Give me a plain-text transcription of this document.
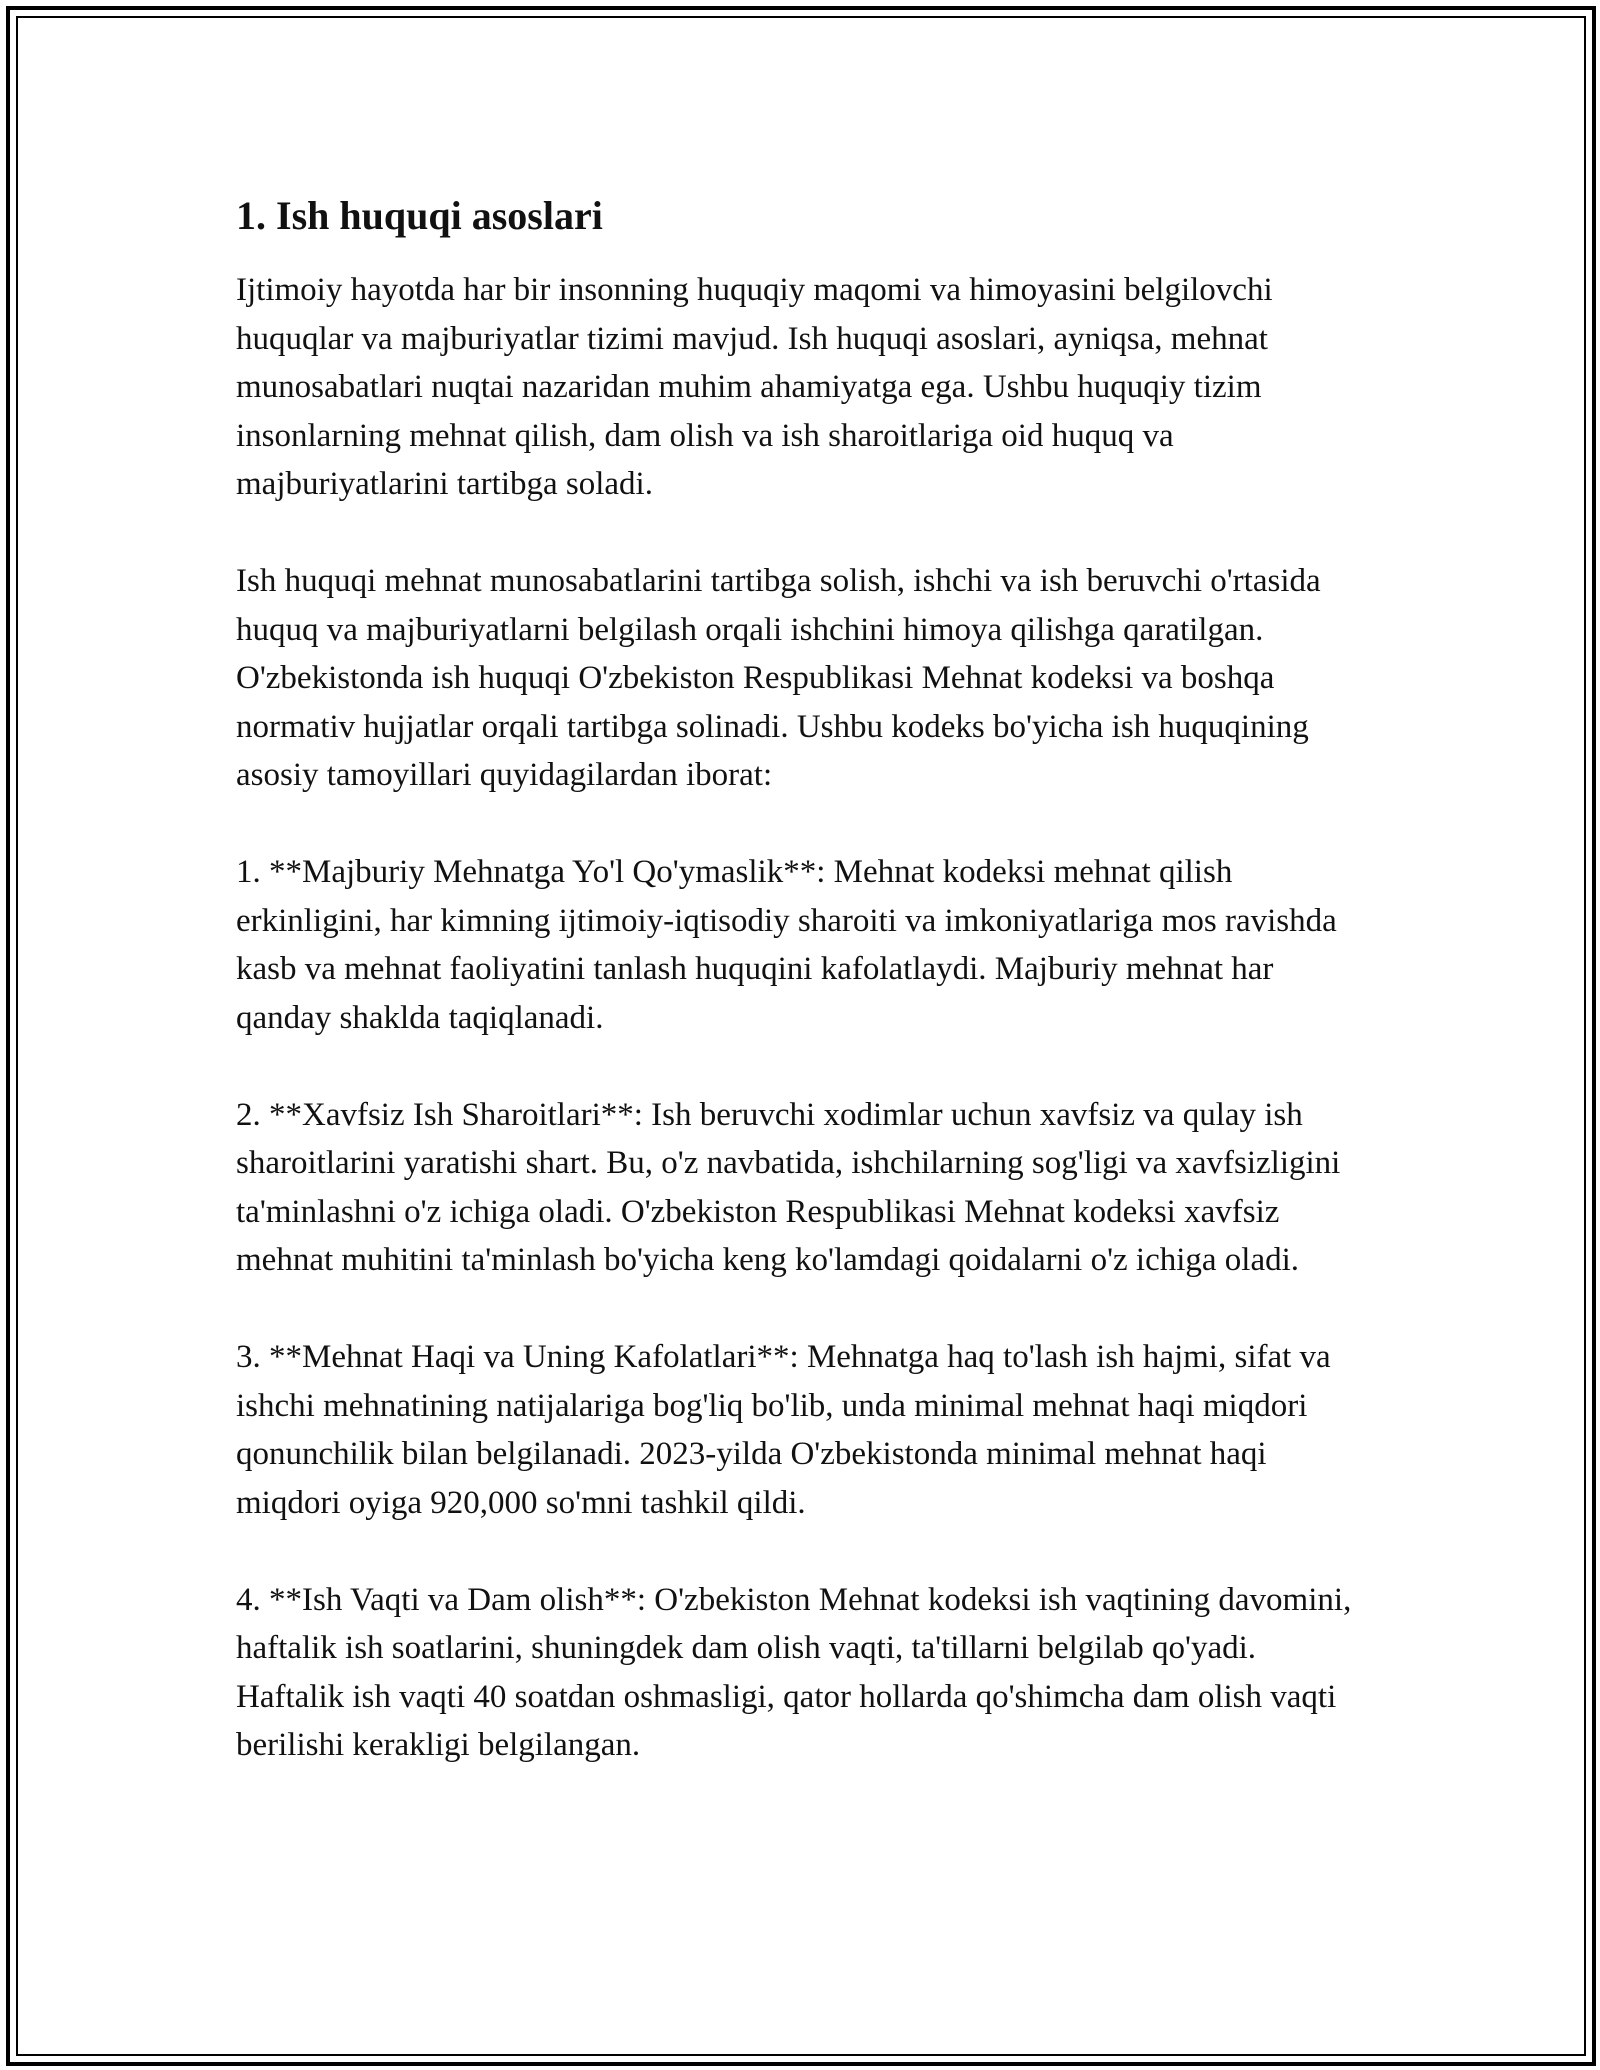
1. Ish huquqi asoslari

Ijtimoiy hayotda har bir insonning huquqiy maqomi va himoyasini belgilovchi huquqlar va majburiyatlar tizimi mavjud. Ish huquqi asoslari, ayniqsa, mehnat munosabatlari nuqtai nazaridan muhim ahamiyatga ega. Ushbu huquqiy tizim insonlarning mehnat qilish, dam olish va ish sharoitlariga oid huquq va majburiyatlarini tartibga soladi.

Ish huquqi mehnat munosabatlarini tartibga solish, ishchi va ish beruvchi o'rtasida huquq va majburiyatlarni belgilash orqali ishchini himoya qilishga qaratilgan. O'zbekistonda ish huquqi O'zbekiston Respublikasi Mehnat kodeksi va boshqa normativ hujjatlar orqali tartibga solinadi. Ushbu kodeks bo'yicha ish huquqining asosiy tamoyillari quyidagilardan iborat:

1. **Majburiy Mehnatga Yo'l Qo'ymaslik**: Mehnat kodeksi mehnat qilish erkinligini, har kimning ijtimoiy-iqtisodiy sharoiti va imkoniyatlariga mos ravishda kasb va mehnat faoliyatini tanlash huquqini kafolatlaydi. Majburiy mehnat har qanday shaklda taqiqlanadi.

2. **Xavfsiz Ish Sharoitlari**: Ish beruvchi xodimlar uchun xavfsiz va qulay ish sharoitlarini yaratishi shart. Bu, o'z navbatida, ishchilarning sog'ligi va xavfsizligini ta'minlashni o'z ichiga oladi. O'zbekiston Respublikasi Mehnat kodeksi xavfsiz mehnat muhitini ta'minlash bo'yicha keng ko'lamdagi qoidalarni o'z ichiga oladi.

3. **Mehnat Haqi va Uning Kafolatlari**: Mehnatga haq to'lash ish hajmi, sifat va ishchi mehnatining natijalariga bog'liq bo'lib, unda minimal mehnat haqi miqdori qonunchilik bilan belgilanadi. 2023-yilda O'zbekistonda minimal mehnat haqi miqdori oyiga 920,000 so'mni tashkil qildi.

4. **Ish Vaqti va Dam olish**: O'zbekiston Mehnat kodeksi ish vaqtining davomini, haftalik ish soatlarini, shuningdek dam olish vaqti, ta'tillarni belgilab qo'yadi. Haftalik ish vaqti 40 soatdan oshmasligi, qator hollarda qo'shimcha dam olish vaqti berilishi kerakligi belgilangan.
